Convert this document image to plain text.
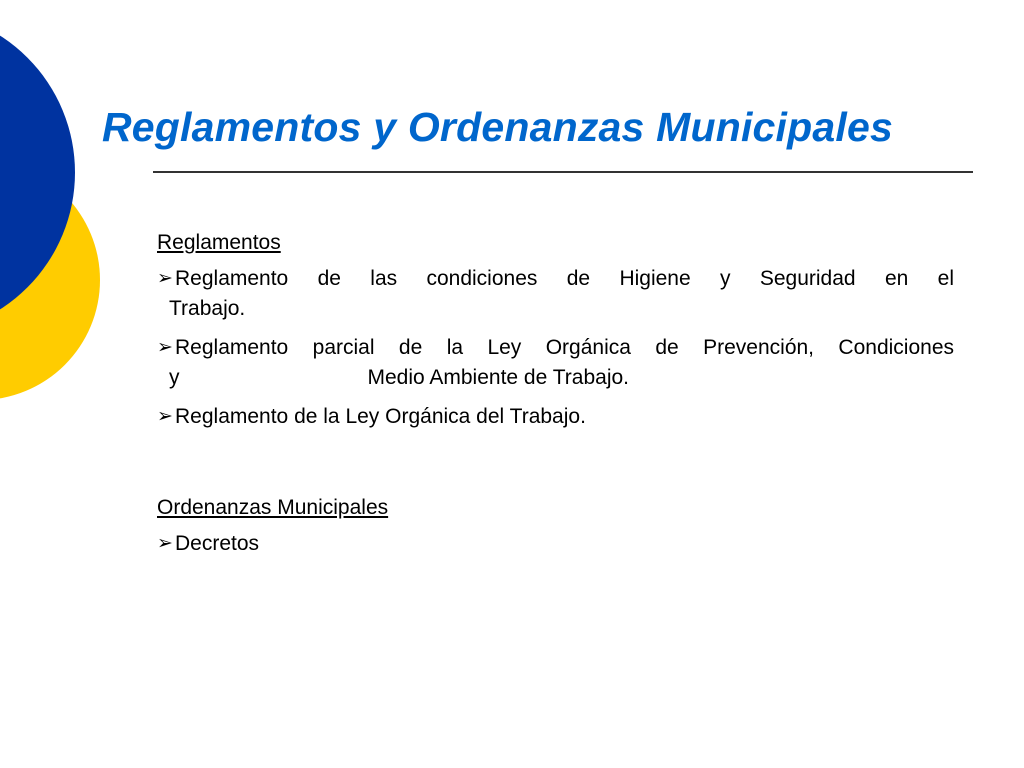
Reglamentos y Ordenanzas Municipales
Reglamentos
➢ Reglamento de las condiciones de Higiene y Seguridad en el
Trabajo.
➢ Reglamento parcial de la Ley Orgánica de Prevención, Condiciones
y	Medio Ambiente de Trabajo.
➢ Reglamento de la Ley Orgánica del Trabajo.
Ordenanzas Municipales
➢ Decretos
